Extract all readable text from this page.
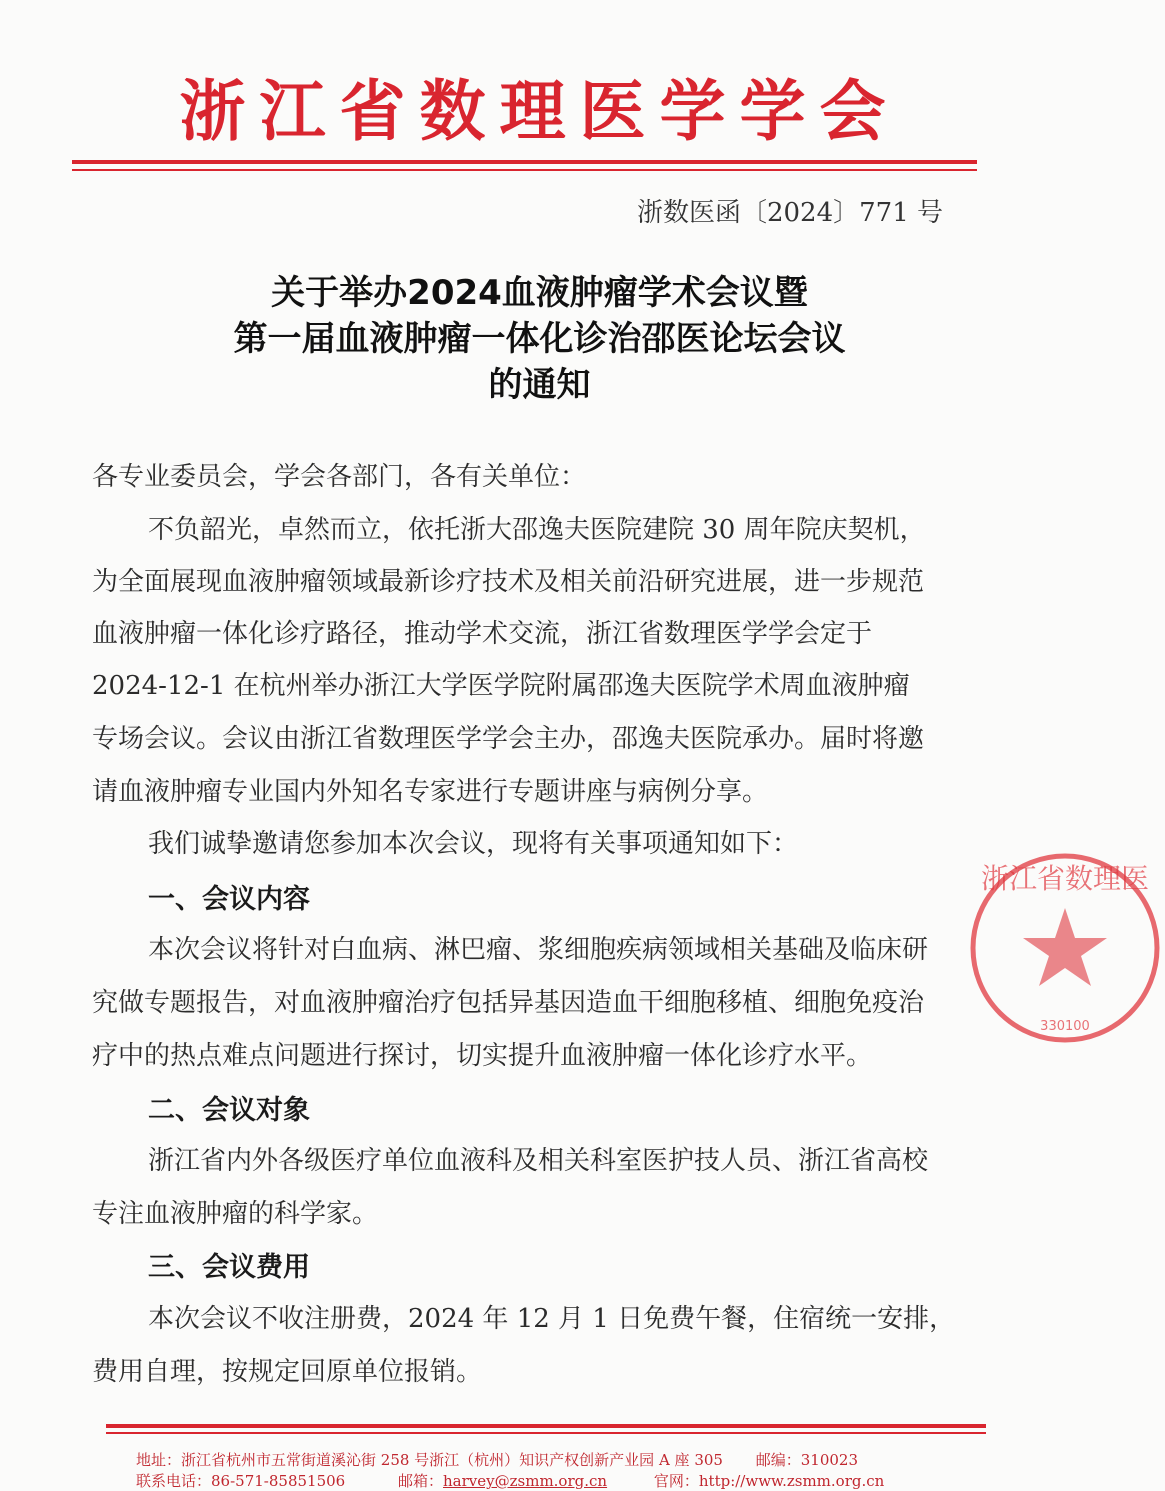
浙江省数理医学学会
浙数医函〔2024〕771 号
关于举办2024血液肿瘤学术会议暨
第一届血液肿瘤一体化诊治邵医论坛会议
的通知
各专业委员会，学会各部门，各有关单位：
不负韶光，卓然而立，依托浙大邵逸夫医院建院 30 周年院庆契机，
为全面展现血液肿瘤领域最新诊疗技术及相关前沿研究进展，进一步规范
血液肿瘤一体化诊疗路径，推动学术交流，浙江省数理医学学会定于
2024-12-1 在杭州举办浙江大学医学院附属邵逸夫医院学术周血液肿瘤
专场会议。会议由浙江省数理医学学会主办，邵逸夫医院承办。届时将邀
请血液肿瘤专业国内外知名专家进行专题讲座与病例分享。
我们诚挚邀请您参加本次会议，现将有关事项通知如下：
一、会议内容
本次会议将针对白血病、淋巴瘤、浆细胞疾病领域相关基础及临床研
究做专题报告，对血液肿瘤治疗包括异基因造血干细胞移植、细胞免疫治
疗中的热点难点问题进行探讨，切实提升血液肿瘤一体化诊疗水平。
二、会议对象
浙江省内外各级医疗单位血液科及相关科室医护技人员、浙江省高校
专注血液肿瘤的科学家。
三、会议费用
本次会议不收注册费，2024 年 12 月 1 日免费午餐，住宿统一安排，
费用自理，按规定回原单位报销。
浙江省数理医
330100
地址：浙江省杭州市五常街道溪沁街 258 号浙江（杭州）知识产权创新产业园 A 座 305 邮编：310023
联系电话：86-571-85851506	邮箱：harvey@zsmm.org.cn	官网：http://www.zsmm.org.cn
